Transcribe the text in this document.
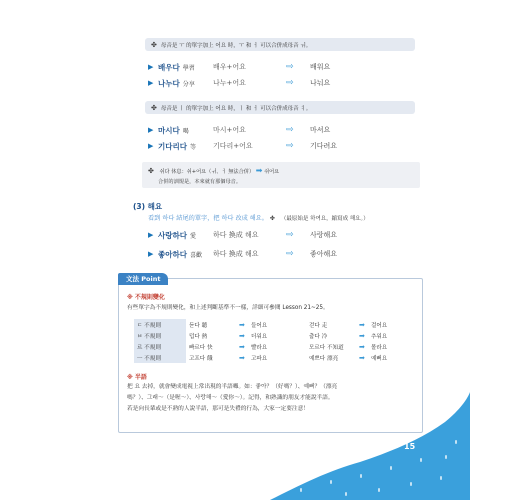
✤ 母音是 ㅜ 的單字加上 어요 時，ㅜ 和 ㅓ 可以合併成母音 ㅝ。
▶ 배우다 學習	배우+어요	⇨ 배워요
▶ 나누다 分享	나누+어요	⇨ 나눠요
✤ 母音是 ㅣ 的單字加上 어요 時，ㅣ 和 ㅓ 可以合併成母音 ㅕ。
▶ 마시다 喝	마시+어요	⇨ 마셔요
▶ 기다리다 等 기다리+어요	⇨ 기다려요
✤ 쉬다 休息：쉬+어요（ㅟ、ㅓ 無法合併） ➡ 쉬어요
合併的訓規是，本來就有那個母音。
(3) 해요
看到 하다 結尾的單字，把 하다 改成 해요。 ✤ （最原始是 하여요，縮寫成 해요。）
▶ 사랑하다 愛 하다 換成 해요	⇨ 사랑해요
▶ 좋아하다 喜歡 하다 換成 해요	⇨ 좋아해요
文法 Point
※ 不規則變化
有些單字為不規則變化，和上述判斷基準不一樣，詳細可參閱 Lesson 21~25。
ㄷ 不規則	듣다 聽	➡	들어요		걷다 走	➡	걸어요
ㅂ 不規則	덥다 熱	➡	더워요		춥다 冷	➡	추워요
르 不規則	빠르다 快	➡	빨라요		모르다 不知道	➡	몰라요
ㅡ 不規則	고프다 餓	➡	고파요		예쁘다 漂亮	➡	예뻐요
※ 半語
把 요 去掉，就會變成電視上常出現的半語囉。如：좋아？（好嗎？）、예뻐？（漂亮
嗎？）、그래～（是喔～）、사랑해～（愛你～）。記得，和熟識的朋友才能說半語。
若是向長輩或是不熟的人說半語，那可是失禮的行為，大家一定要注意！
15
